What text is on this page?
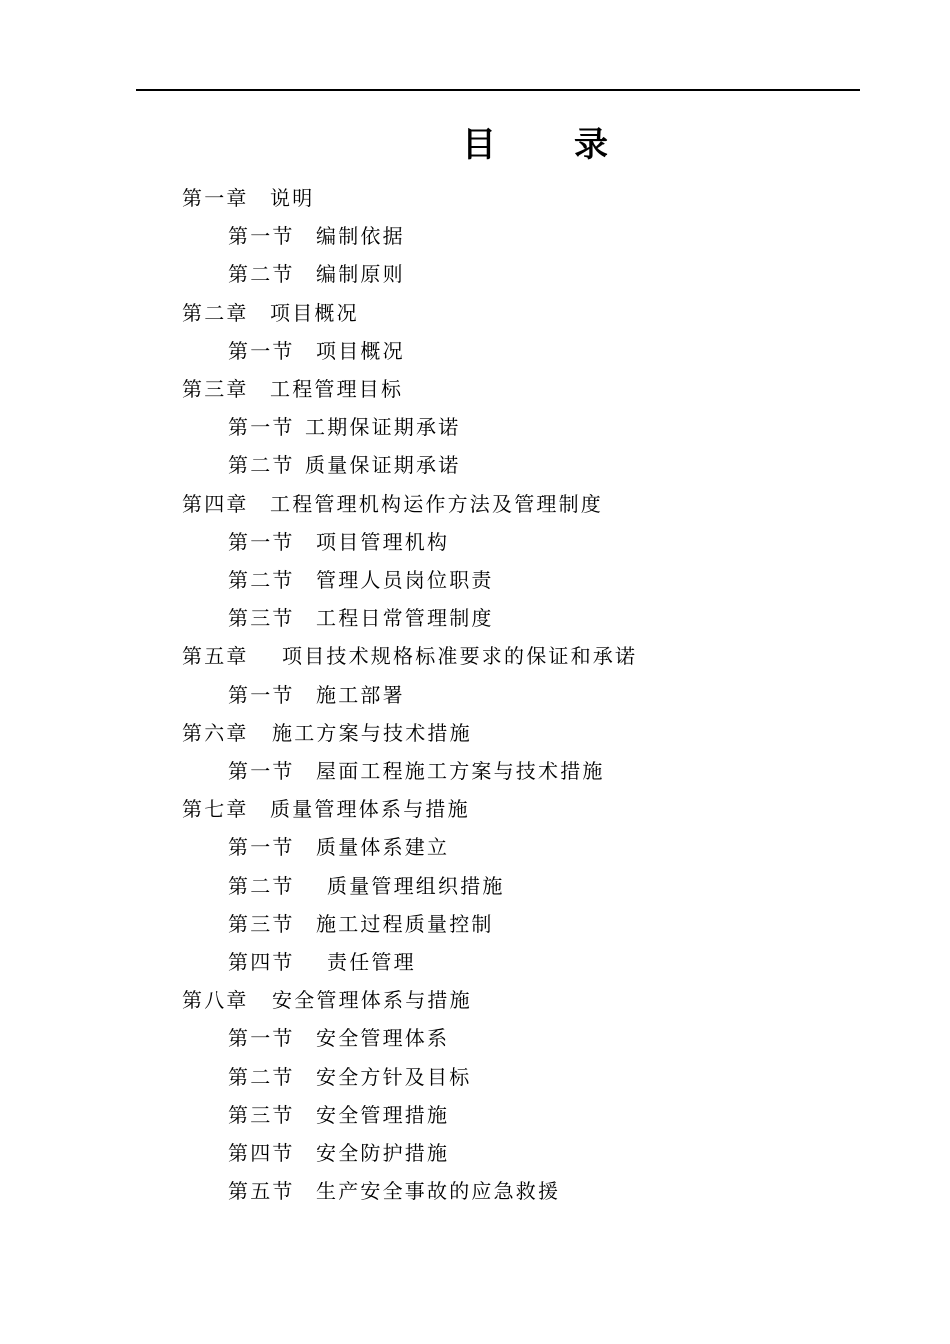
目 录
第一章 说明
第一节 编制依据
第二节 编制原则
第二章 项目概况
第一节 项目概况
第三章 工程管理目标
第一节 工期保证期承诺
第二节 质量保证期承诺
第四章 工程管理机构运作方法及管理制度
第一节 项目管理机构
第二节 管理人员岗位职责
第三节 工程日常管理制度
第五章 项目技术规格标准要求的保证和承诺
第一节 施工部署
第六章 施工方案与技术措施
第一节 屋面工程施工方案与技术措施
第七章 质量管理体系与措施
第一节 质量体系建立
第二节 质量管理组织措施
第三节 施工过程质量控制
第四节 责任管理
第八章 安全管理体系与措施
第一节 安全管理体系
第二节 安全方针及目标
第三节 安全管理措施
第四节 安全防护措施
第五节 生产安全事故的应急救援
